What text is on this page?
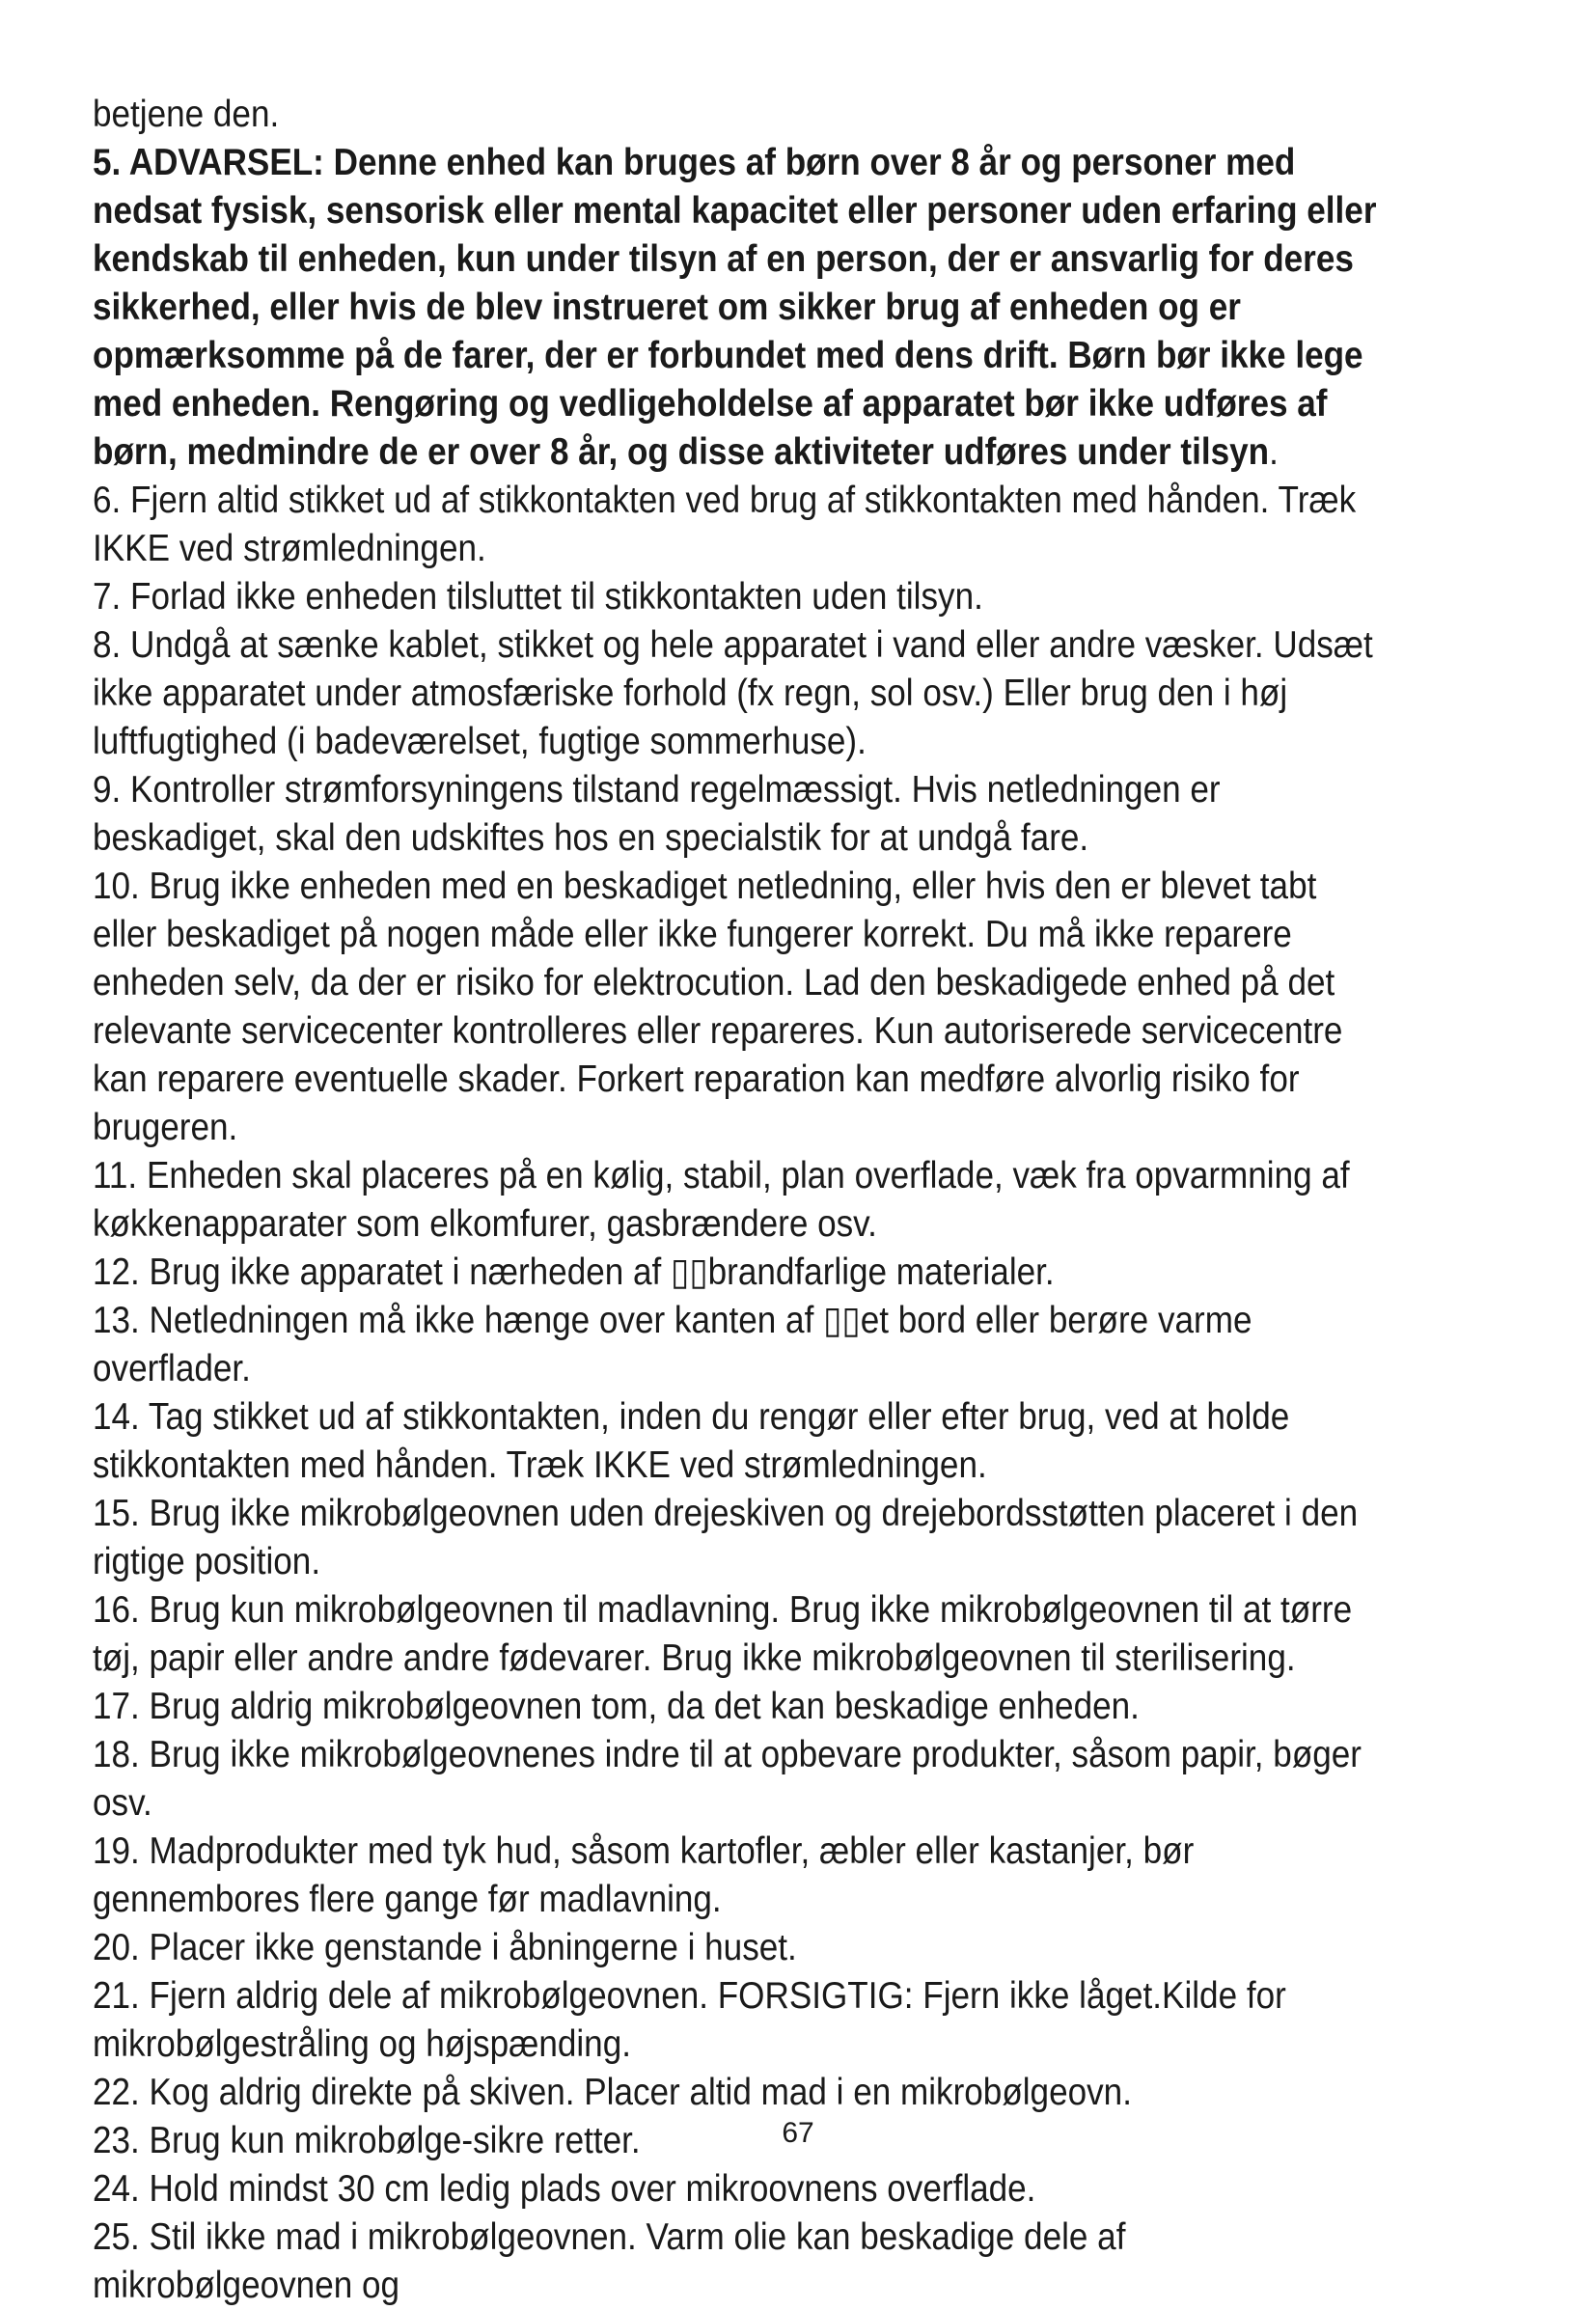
betjene den.

5. ADVARSEL: Denne enhed kan bruges af børn over 8 år og personer med nedsat fysisk, sensorisk eller mental kapacitet eller personer uden erfaring eller kendskab til enheden, kun under tilsyn af en person, der er ansvarlig for deres sikkerhed, eller hvis de blev instrueret om sikker brug af enheden og er opmærksomme på de farer, der er forbundet med dens drift. Børn bør ikke lege med enheden. Rengøring og vedligeholdelse af apparatet bør ikke udføres af børn, medmindre de er over 8 år, og disse aktiviteter udføres under tilsyn.

6. Fjern altid stikket ud af stikkontakten ved brug af stikkontakten med hånden. Træk IKKE ved strømledningen.

7. Forlad ikke enheden tilsluttet til stikkontakten uden tilsyn.

8. Undgå at sænke kablet, stikket og hele apparatet i vand eller andre væsker. Udsæt ikke apparatet under atmosfæriske forhold (fx regn, sol osv.) Eller brug den i høj luftfugtighed (i badeværelset, fugtige sommerhuse).

9. Kontroller strømforsyningens tilstand regelmæssigt. Hvis netledningen er beskadiget, skal den udskiftes hos en specialstik for at undgå fare.

10. Brug ikke enheden med en beskadiget netledning, eller hvis den er blevet tabt eller beskadiget på nogen måde eller ikke fungerer korrekt. Du må ikke reparere enheden selv, da der er risiko for elektrocution. Lad den beskadigede enhed på det relevante servicecenter kontrolleres eller repareres. Kun autoriserede servicecentre kan reparere eventuelle skader. Forkert reparation kan medføre alvorlig risiko for brugeren.

11. Enheden skal placeres på en kølig, stabil, plan overflade, væk fra opvarmning af køkkenapparater som elkomfurer, gasbrændere osv.

12. Brug ikke apparatet i nærheden af ▯▯brandfarlige materialer.

13. Netledningen må ikke hænge over kanten af ▯▯et bord eller berøre varme overflader.

14. Tag stikket ud af stikkontakten, inden du rengør eller efter brug, ved at holde stikkontakten med hånden. Træk IKKE ved strømledningen.

15. Brug ikke mikrobølgeovnen uden drejeskiven og drejebordsstøtten placeret i den rigtige position.

16. Brug kun mikrobølgeovnen til madlavning. Brug ikke mikrobølgeovnen til at tørre tøj, papir eller andre andre fødevarer. Brug ikke mikrobølgeovnen til sterilisering.

17. Brug aldrig mikrobølgeovnen tom, da det kan beskadige enheden.

18. Brug ikke mikrobølgeovnenes indre til at opbevare produkter, såsom papir, bøger osv.

19. Madprodukter med tyk hud, såsom kartofler, æbler eller kastanjer, bør gennembores flere gange før madlavning.

20. Placer ikke genstande i åbningerne i huset.

21. Fjern aldrig dele af mikrobølgeovnen. FORSIGTIG: Fjern ikke låget.Kilde for mikrobølgestråling og højspænding.

22. Kog aldrig direkte på skiven. Placer altid mad i en mikrobølgeovn.

23. Brug kun mikrobølge-sikre retter.

24. Hold mindst 30 cm ledig plads over mikroovnens overflade.

25. Stil ikke mad i mikrobølgeovnen. Varm olie kan beskadige dele af mikrobølgeovnen og

67
